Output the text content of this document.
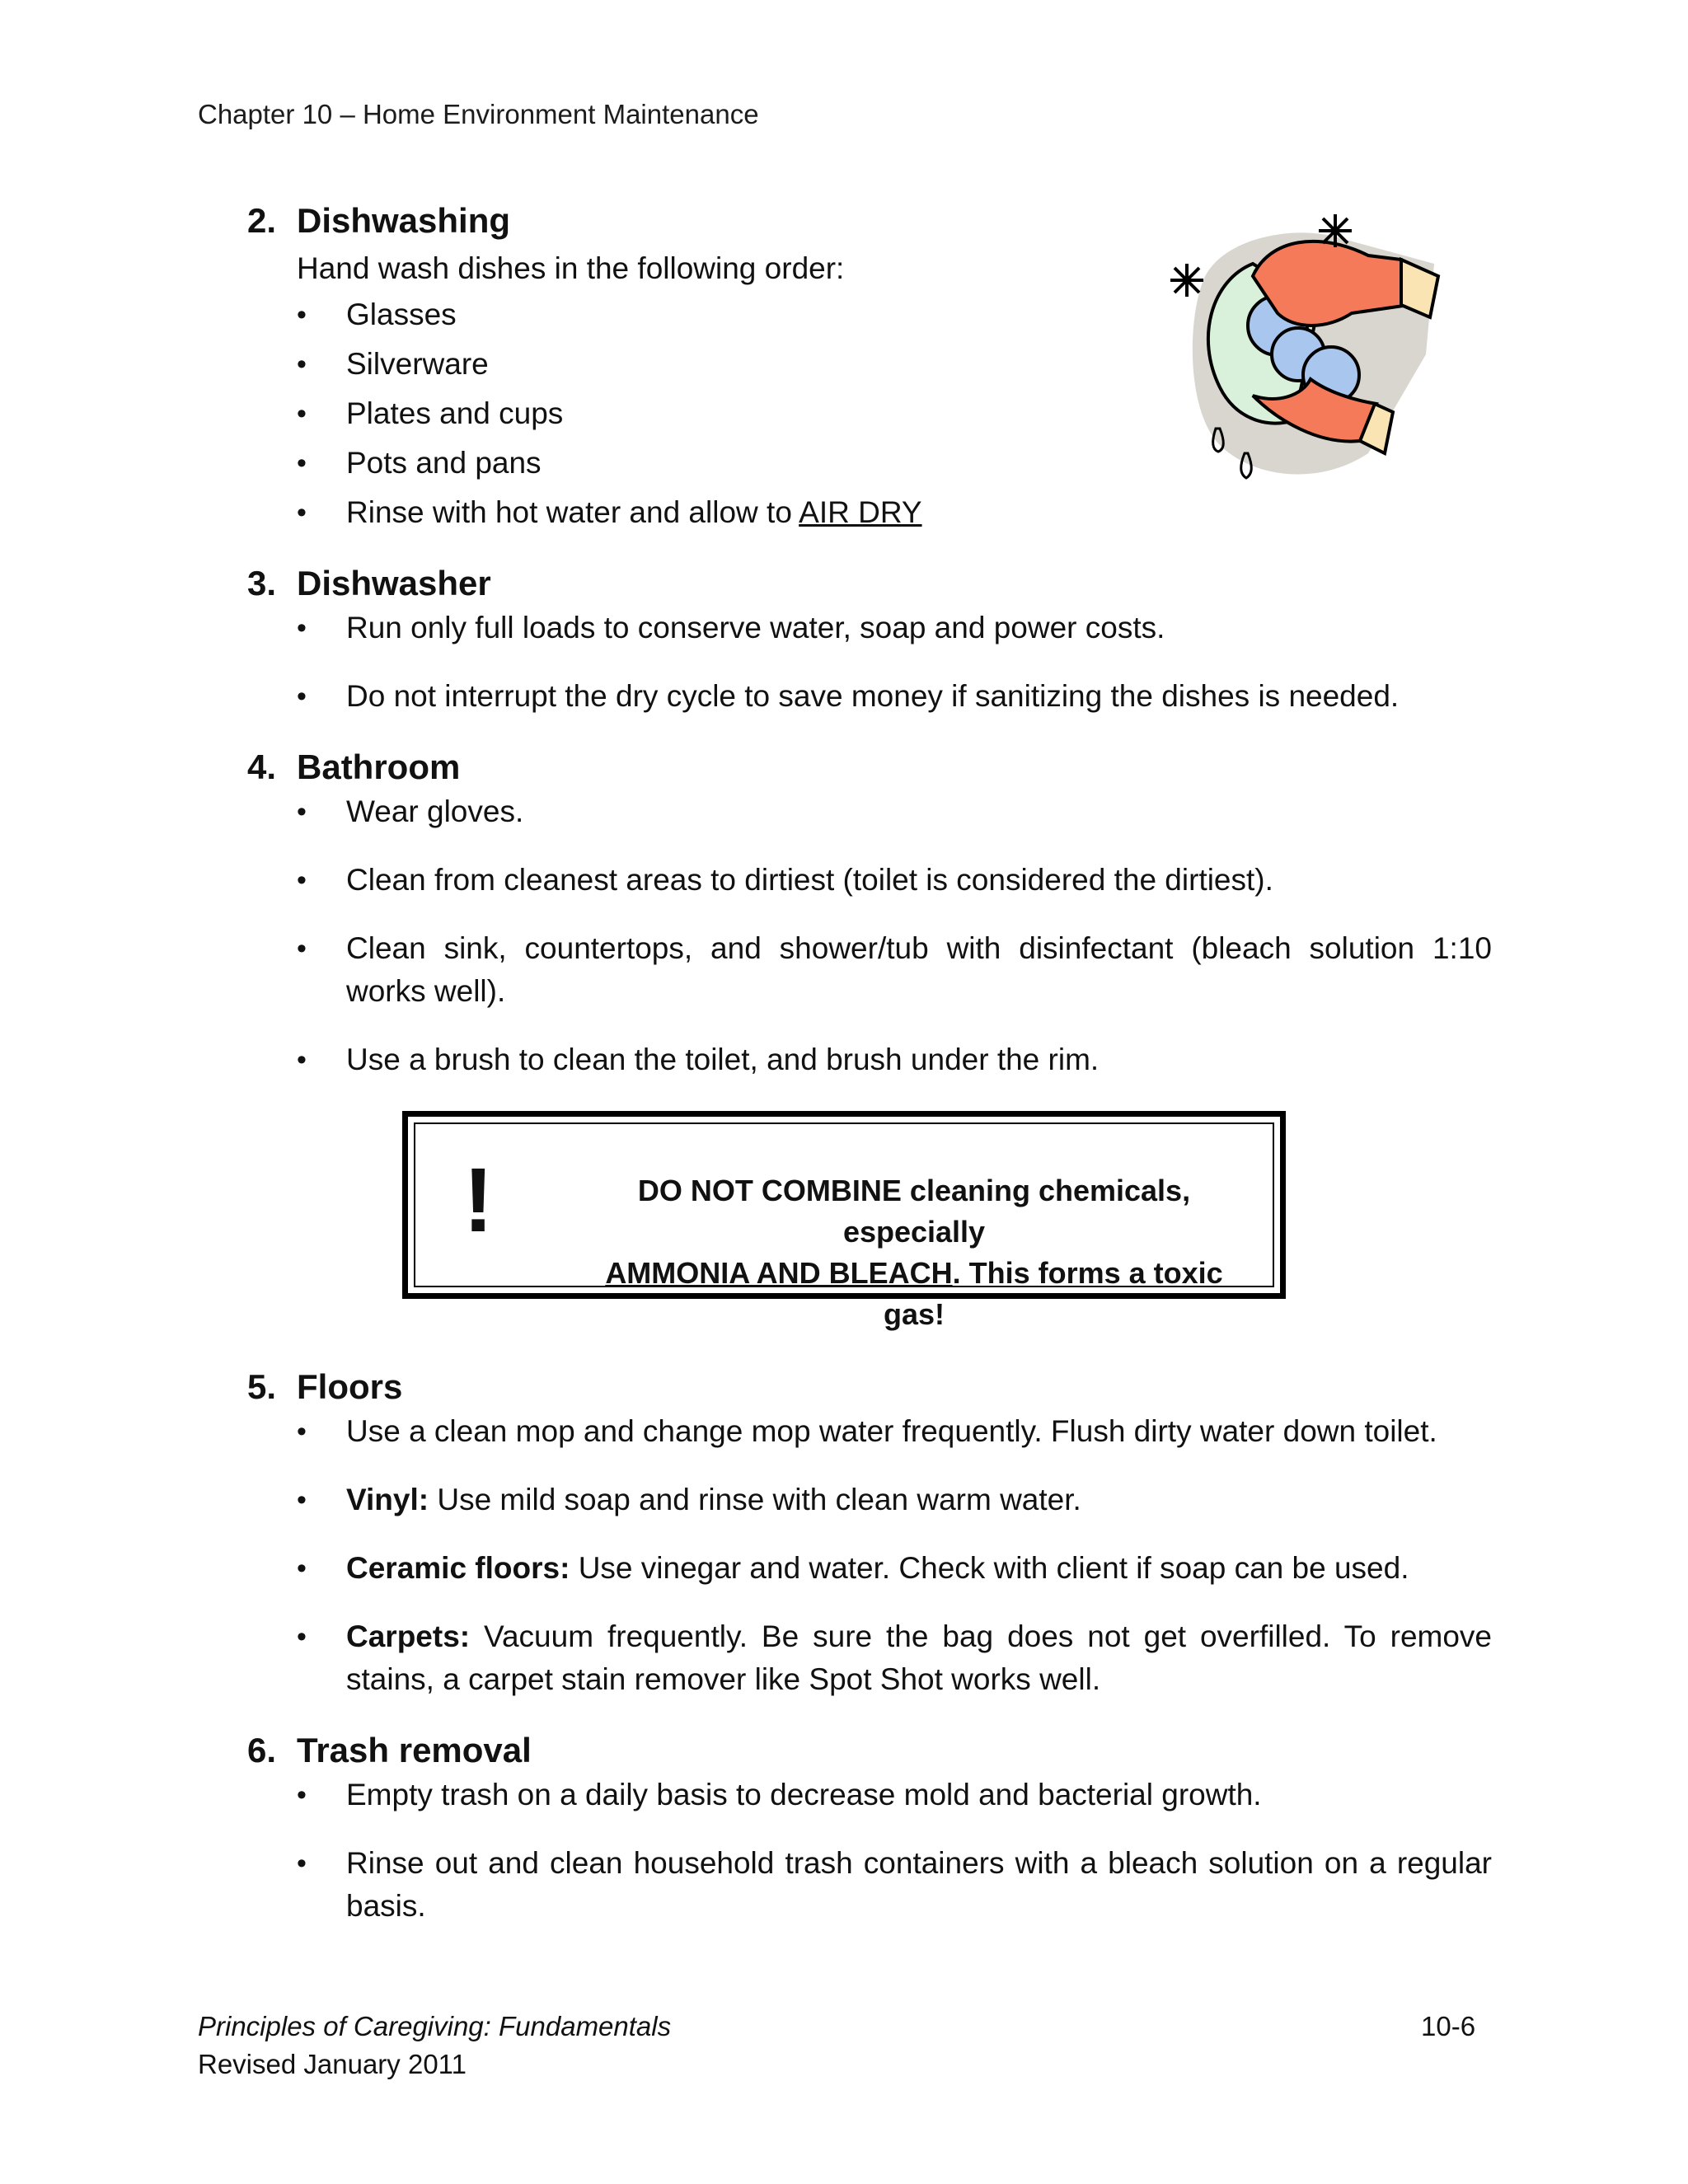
Chapter 10 – Home Environment Maintenance
2. Dishwashing
Hand wash dishes in the following order:
• Glasses
• Silverware
• Plates and cups
• Pots and pans
• Rinse with hot water and allow to AIR DRY
3. Dishwasher
• Run only full loads to conserve water, soap and power costs.
• Do not interrupt the dry cycle to save money if sanitizing the dishes is needed.
4. Bathroom
• Wear gloves.
• Clean from cleanest areas to dirtiest (toilet is considered the dirtiest).
• Clean sink, countertops, and shower/tub with disinfectant (bleach solution 1:10 works well).
• Use a brush to clean the toilet, and brush under the rim.
!	DO NOT COMBINE cleaning chemicals, especially
AMMONIA AND BLEACH. This forms a toxic gas!
5. Floors
• Use a clean mop and change mop water frequently. Flush dirty water down toilet.
• Vinyl: Use mild soap and rinse with clean warm water.
• Ceramic floors: Use vinegar and water. Check with client if soap can be used.
• Carpets: Vacuum frequently. Be sure the bag does not get overfilled. To remove stains, a carpet stain remover like Spot Shot works well.
6. Trash removal
• Empty trash on a daily basis to decrease mold and bacterial growth.
• Rinse out and clean household trash containers with a bleach solution on a regular basis.
Principles of Caregiving: Fundamentals
Revised January 2011
10-6
